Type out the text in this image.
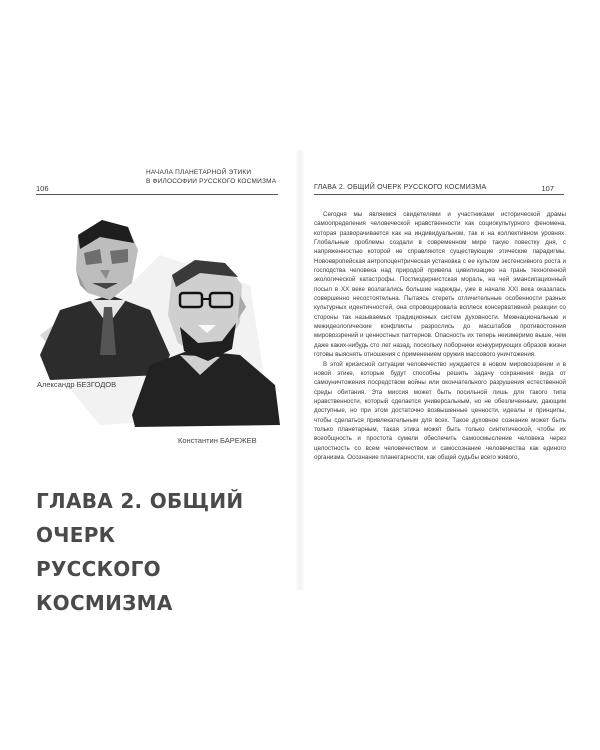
НАЧАЛА ПЛАНЕТАРНОЙ ЭТИКИ
В ФИЛОСОФИИ РУССКОГО КОСМИЗМА
106
Александр БЕЗГОДОВ
Константин БАРЕЖЕВ
ГЛАВА 2. ОБЩИЙ ОЧЕРК
РУССКОГО КОСМИЗМА
ГЛАВА 2. ОБЩИЙ ОЧЕРК РУССКОГО КОСМИЗМА	107

Сегодня мы являемся свидетелями и участниками исторической драмы самоопределения человеческой нравственности как социокультурного феномена, которая разворачивается как на индивидуальном, так и на коллективном уровнях. Глобальные проблемы создали в современном мире такую повестку дня, с напряженностью которой не справляются существующие этические парадигмы. Новоевропейская антропоцентрическая установка с ее культом экстенсивного роста и господства человека над природой привела цивилизацию на грань техногенной экологической катастрофы. Постмодернистская мораль, на чей эмансипационный посыл в XX веке возлагались большие надежды, уже в начале XXI века оказалась совершенно несостоятельна. Пытаясь стереть отличительные особенности разных культурных идентичностей, она спровоцировала всплеск консервативной реакции со стороны так называемых традиционных систем духовности. Межнациональные и межидеологические конфликты разрослись до масштабов противостояния мировоззрений и ценностных паттернов. Опасность их теперь неизмеримо выше, чем даже каких-нибудь сто лет назад, поскольку поборники конкурирующих образов жизни готовы выяснять отношения с применением оружия массового уничтожения.

В этой кризисной ситуации человечество нуждается в новом мировоззрении и в новой этике, которые будут способны решить задачу сохранения вида от самоуничтожения посредством войны или окончательного разрушения естественной среды обитания. Эта миссия может быть посильной лишь для такого типа нравственности, который сделается универсальным, но не обезличенным, дающим доступные, но при этом достаточно возвышенные ценности, идеалы и принципы, чтобы сделаться привлекательным для всех. Такое духовное сознание может быть только планетарным, такая этика может быть только синтетической, чтобы их всеобщность и простота сумели обеспечить самоосмысление человека через целостность со всем человечеством и самосознание человечества как единого организма. Осознание планетарности, как общей судьбы всего живого,
